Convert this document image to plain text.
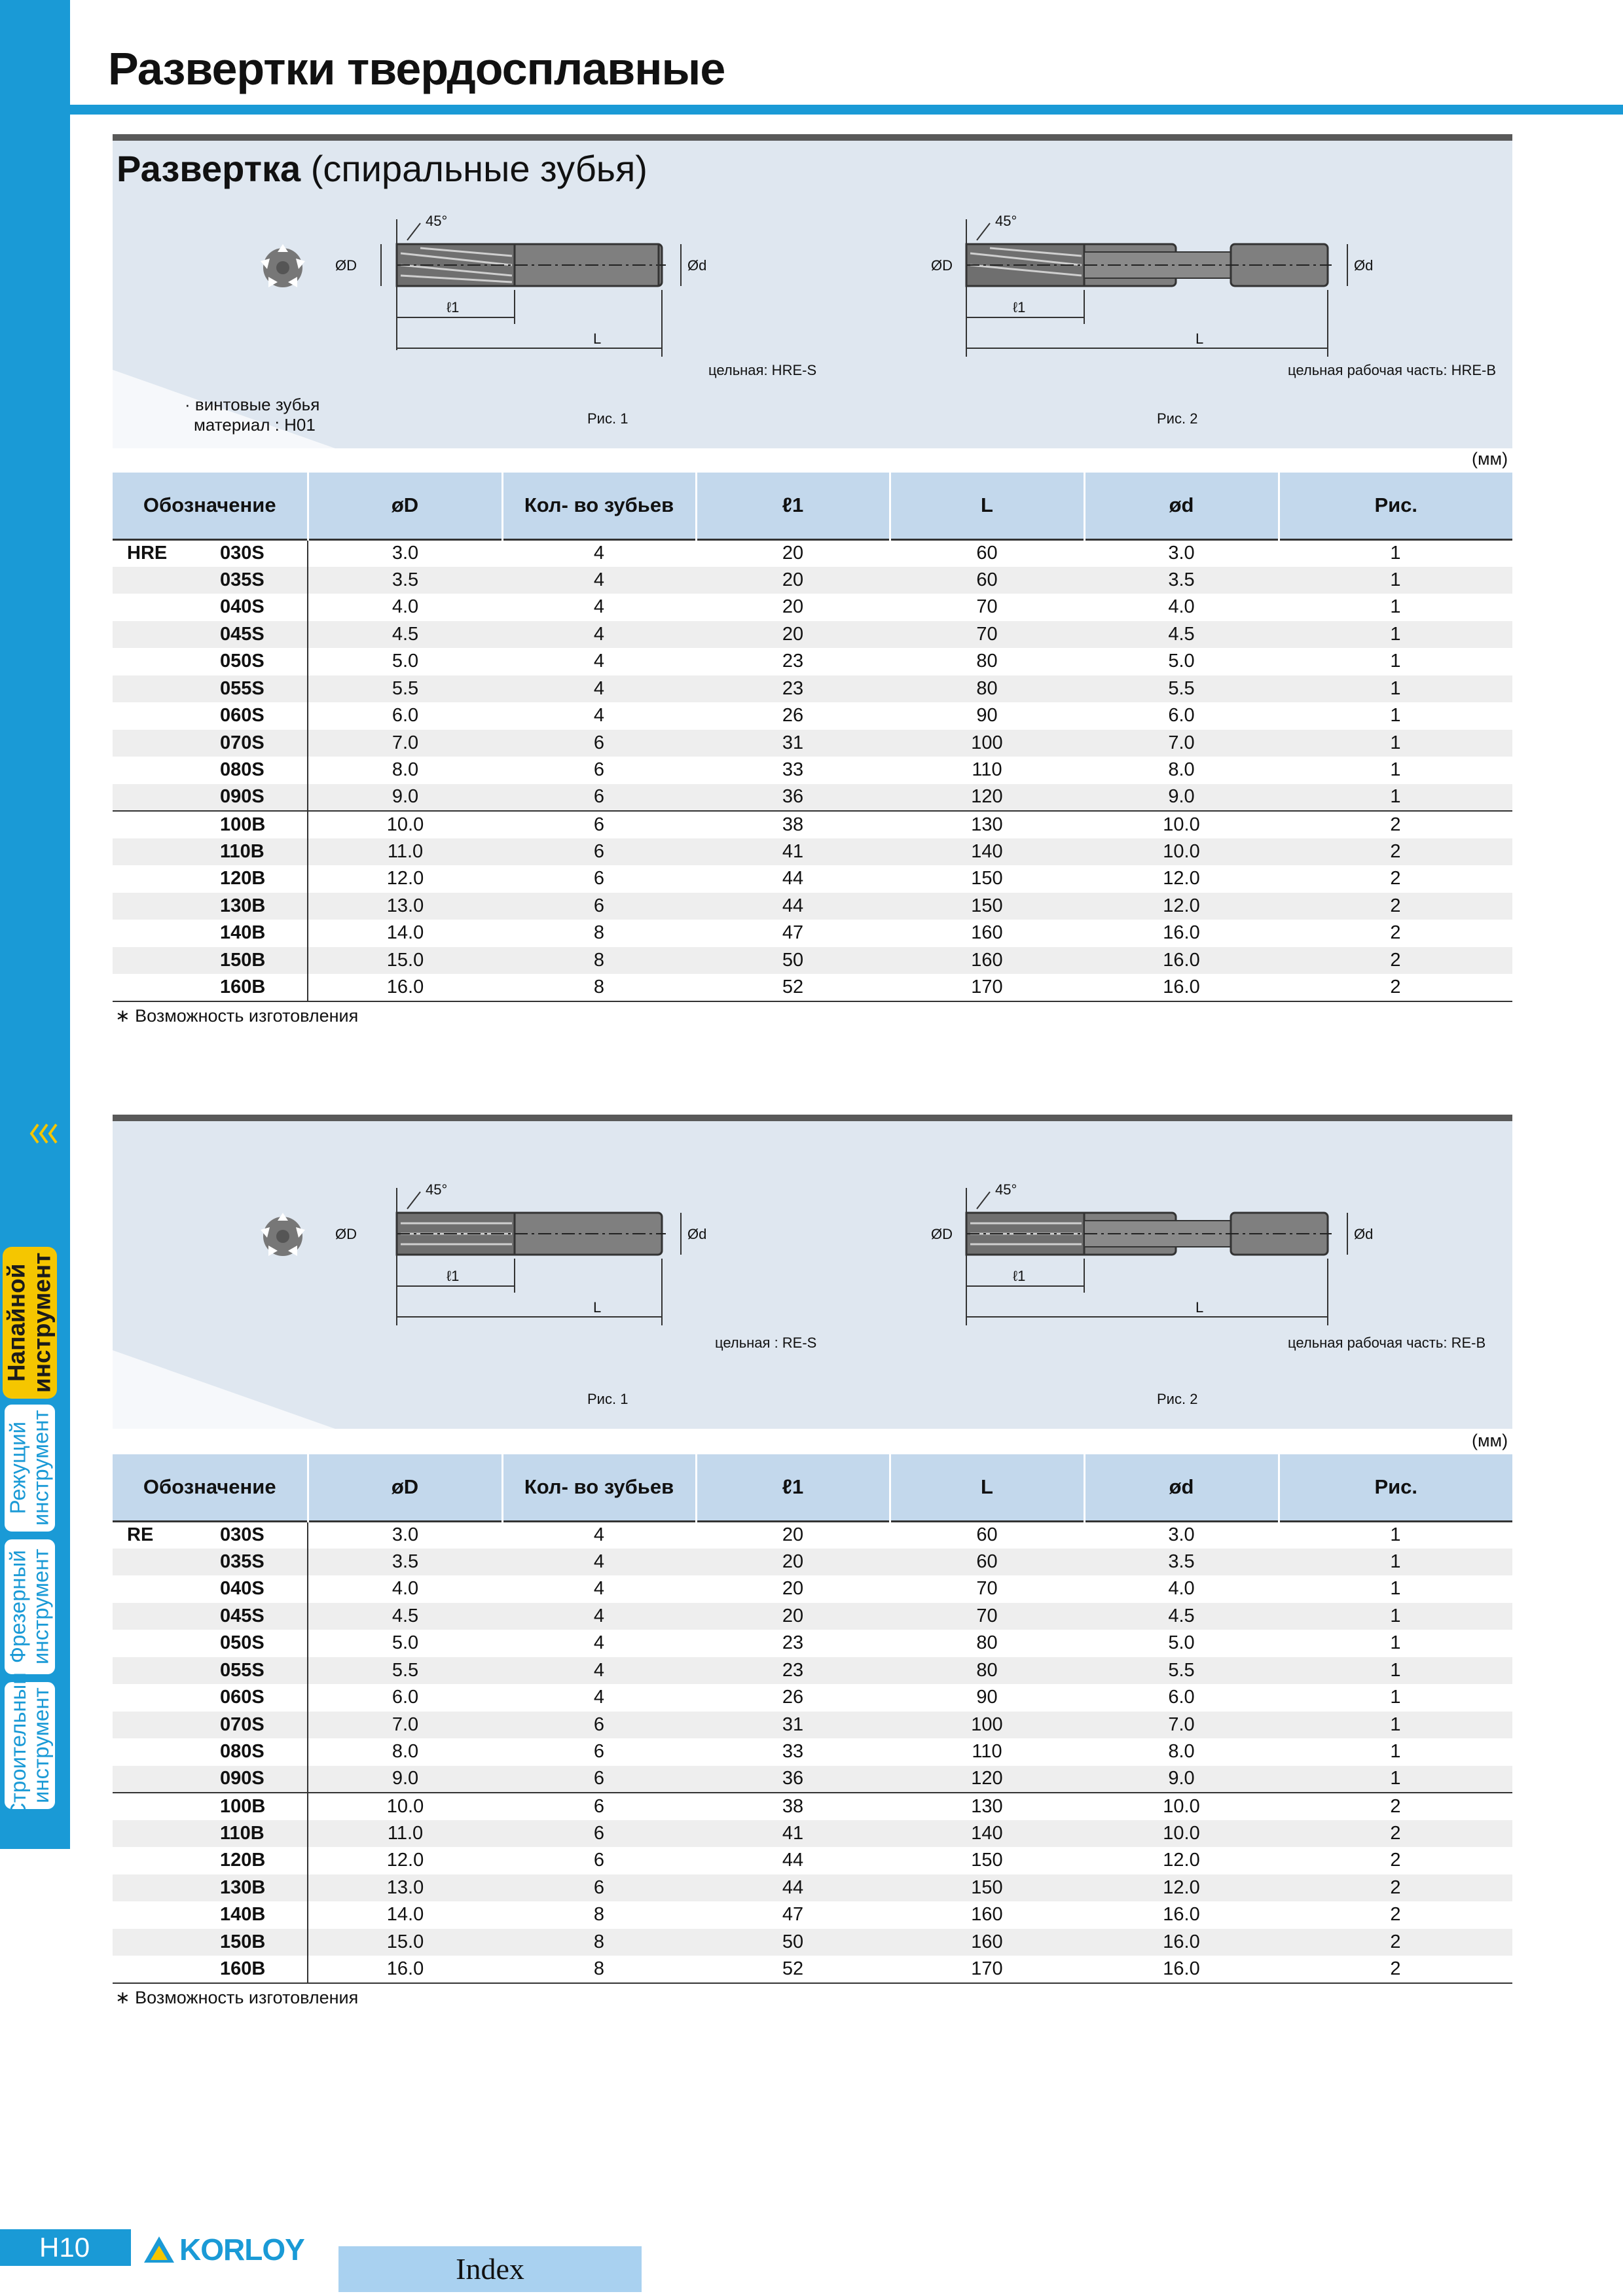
Напайной
инструмент
Режущий
инструмент
Фрезерный
инструмент
Строительный
инструмент
Развертки твердосплавные
Развертка (спиральные зубья)
45°
ØD	Ød
ℓ1
L
цельная: HRE-S
Рис. 1
45°
ØD	Ød
ℓ1
L
цельная рабочая часть: HRE-B
Рис. 2
· винтовые зубья
материал : H01
(мм)
Обозначение		øD	Кол- во зубьев	ℓ1	L	ød	Рис.
HRE	030S	3.0	4	20	60	3.0	1
	035S	3.5	4	20	60	3.5	1
	040S	4.0	4	20	70	4.0	1
	045S	4.5	4	20	70	4.5	1
	050S	5.0	4	23	80	5.0	1
	055S	5.5	4	23	80	5.5	1
	060S	6.0	4	26	90	6.0	1
	070S	7.0	6	31	100	7.0	1
	080S	8.0	6	33	110	8.0	1
	090S	9.0	6	36	120	9.0	1
	100B	10.0	6	38	130	10.0	2
	110B	11.0	6	41	140	10.0	2
	120B	12.0	6	44	150	12.0	2
	130B	13.0	6	44	150	12.0	2
	140B	14.0	8	47	160	16.0	2
	150B	15.0	8	50	160	16.0	2
	160B	16.0	8	52	170	16.0	2
∗ Возможность изготовления
45°
ØD	Ød
ℓ1
L
цельная : RE-S
Рис. 1
45°
ØD	Ød
ℓ1
L
цельная рабочая часть: RE-B
Рис. 2
(мм)
Обозначение		øD	Кол- во зубьев	ℓ1	L	ød	Рис.
RE	030S	3.0	4	20	60	3.0	1
	035S	3.5	4	20	60	3.5	1
	040S	4.0	4	20	70	4.0	1
	045S	4.5	4	20	70	4.5	1
	050S	5.0	4	23	80	5.0	1
	055S	5.5	4	23	80	5.5	1
	060S	6.0	4	26	90	6.0	1
	070S	7.0	6	31	100	7.0	1
	080S	8.0	6	33	110	8.0	1
	090S	9.0	6	36	120	9.0	1
	100B	10.0	6	38	130	10.0	2
	110B	11.0	6	41	140	10.0	2
	120B	12.0	6	44	150	12.0	2
	130B	13.0	6	44	150	12.0	2
	140B	14.0	8	47	160	16.0	2
	150B	15.0	8	50	160	16.0	2
	160B	16.0	8	52	170	16.0	2
∗ Возможность изготовления
H10	KORLOY
Index
